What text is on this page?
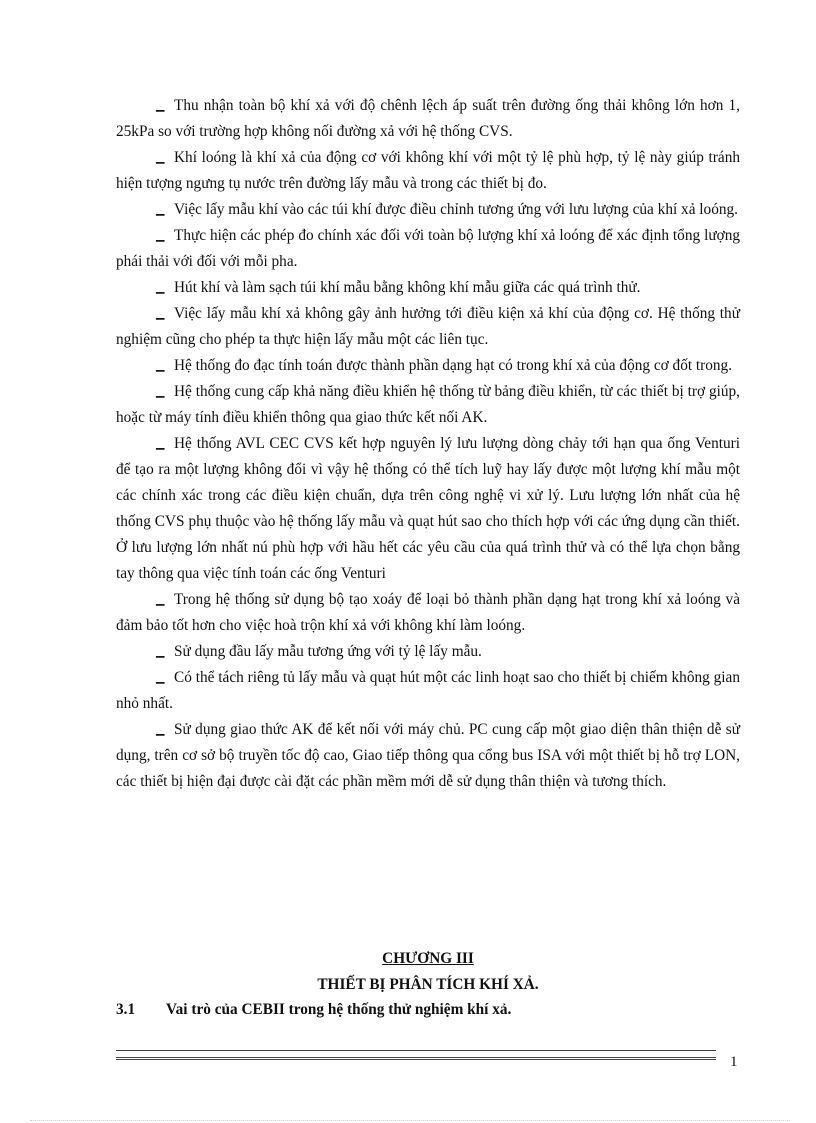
▁ Thu nhận toàn bộ khí xả với độ chênh lệch áp suất trên đường ống thải không lớn hơn 1, 25kPa so với trường hợp không nối đường xả với hệ thống CVS.

▁ Khí loóng là khí xả của động cơ với không khí với một tỷ lệ phù hợp, tỷ lệ này giúp tránh hiện tượng ngưng tụ nước trên đường lấy mẫu và trong các thiết bị đo.

▁ Việc lấy mẫu khí vào các túi khí được điều chỉnh tương ứng với lưu lượng của khí xả loóng.

▁ Thực hiện các phép đo chính xác đối với toàn bộ lượng khí xả loóng để xác định tổng lượng phái thải với đối với mỗi pha.

▁ Hút khí và làm sạch túi khí mẫu bằng không khí mẫu giữa các quá trình thử.

▁ Việc lấy mẫu khí xả không gây ảnh hưởng tới điều kiện xả khí của động cơ. Hệ thống thử nghiệm cũng cho phép ta thực hiện lấy mẫu một các liên tục.

▁ Hệ thống đo đạc tính toán được thành phần dạng hạt có trong khí xả của động cơ đốt trong.

▁ Hệ thống cung cấp khả năng điều khiển hệ thống từ bảng điều khiển, từ các thiết bị trợ giúp, hoặc từ máy tính điều khiển thông qua giao thức kết nối AK.

▁ Hệ thống AVL CEC CVS kết hợp nguyên lý lưu lượng dòng chảy tới hạn qua ống Venturi để tạo ra một lượng không đổi vì vậy hệ thống có thể tích luỹ hay lấy được một lượng khí mẫu một các chính xác trong các điều kiện chuẩn, dựa trên công nghệ vi xử lý. Lưu lượng lớn nhất của hệ thống CVS phụ thuộc vào hệ thống lấy mẫu và quạt hút sao cho thích hợp với các ứng dụng cần thiết. Ở lưu lượng lớn nhất nú phù hợp với hầu hết các yêu cầu của quá trình thử và có thể lựa chọn bằng tay thông qua việc tính toán các ống Venturi

▁ Trong hệ thống sử dụng bộ tạo xoáy để loại bỏ thành phần dạng hạt trong khí xả loóng và đảm bảo tốt hơn cho việc hoà trộn khí xả với không khí làm loóng.

▁ Sử dụng đầu lấy mẫu tương ứng với tỷ lệ lấy mẫu.

▁ Có thể tách riêng tủ lấy mẫu và quạt hút một các linh hoạt sao cho thiết bị chiếm không gian nhỏ nhất.

▁ Sử dụng giao thức AK để kết nối với máy chủ. PC cung cấp một giao diện thân thiện dễ sử dụng, trên cơ sở bộ truyền tốc độ cao, Giao tiếp thông qua cổng bus ISA với một thiết bị hỗ trợ LON, các thiết bị hiện đại được cài đặt các phần mềm mới dễ sử dụng thân thiện và tương thích.

CHƯƠNG III
THIẾT BỊ PHÂN TÍCH KHÍ XẢ.
3.1 Vai trò của CEBII trong hệ thống thử nghiệm khí xả.
1
